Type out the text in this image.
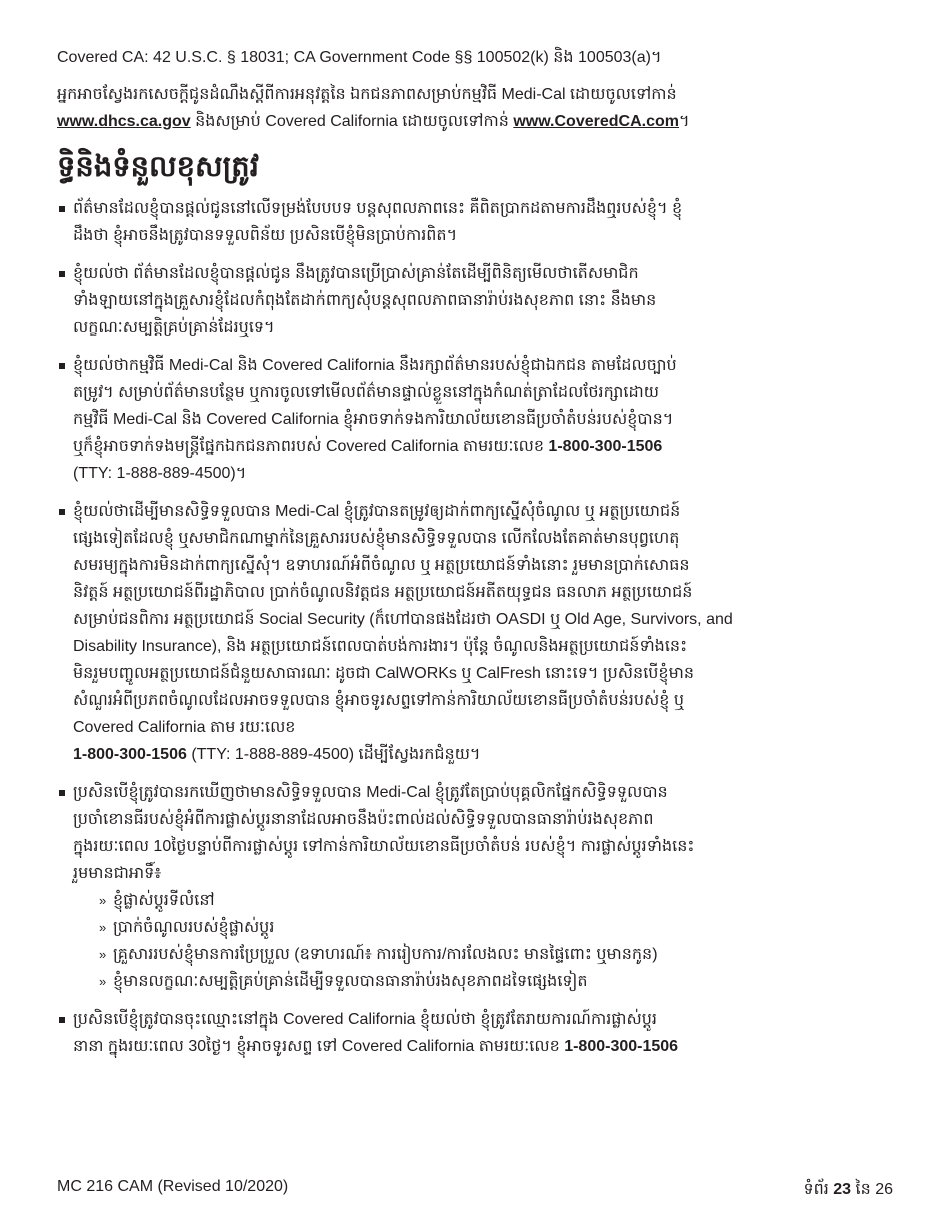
Covered CA: 42 U.S.C. § 18031; CA Government Code §§ 100502(k) និង 100503(a)។
អ្នកអាចស្វែងរកសេចក្តីជូនដំណឹងស្តីពីការអនុវត្តនៃ ឯកជនភាពសម្រាប់កម្មវិធី Medi-Cal ដោយចូលទៅកាន់
www.dhcs.ca.gov និងសម្រាប់ Covered California ដោយចូលទៅកាន់ www.CoveredCA.com។
ទិ្ធនិងទំនួលខុសត្រូវ
ព័ត៌មានដែលខ្ញុំបានផ្តល់ជូននៅលើទម្រង់បែបបទ បន្តសុពលភាពនេះ គឺពិតប្រាកដតាមការដឹងឮរបស់ខ្ញុំ។ ខ្ញុំ
ដឹងថា ខ្ញុំអាចនឹងត្រូវបានទទួលពិន័យ ប្រសិនបើខ្ញុំមិនប្រាប់ការពិត។
ខ្ញុំយល់ថា ព័ត៌មានដែលខ្ញុំបានផ្តល់ជូន នឹងត្រូវបានប្រើប្រាស់គ្រាន់តែដើម្បីពិនិត្យមើលថាតើសមាជិក
ទាំងឡាយនៅក្នុងគ្រួសារខ្ញុំដែលកំពុងតែដាក់ពាក្យសុំបន្តសុពលភាពធានារ៉ាប់រងសុខភាព នោះ នឹងមាន
លក្ខណៈសម្បត្តិគ្រប់គ្រាន់ដែរឬទេ។
ខ្ញុំយល់ថាកម្មវិធី Medi-Cal និង Covered California នឹងរក្សាព័ត៌មានរបស់ខ្ញុំជាឯកជន តាមដែលច្បាប់
តម្រូវ។ សម្រាប់ព័ត៌មានបន្ថែម ឬការចូលទៅមើលព័ត៌មានផ្ទាល់ខ្លួននៅក្នុងកំណត់ត្រាដែលថែរក្សាដោយ
កម្មវិធី Medi-Cal និង Covered California ខ្ញុំអាចទាក់ទងការិយាល័យខោនធីប្រចាំតំបន់របស់ខ្ញុំបាន។
ឬក៏ខ្ញុំអាចទាក់ទងមន្ត្រីផ្នែកឯកជនភាពរបស់ Covered California តាមរយៈលេខ 1-800-300-1506
(TTY: 1-888-889-4500)។
ខ្ញុំយល់ថាដើម្បីមានសិទ្ធិទទួលបាន Medi-Cal ខ្ញុំត្រូវបានតម្រូវឲ្យដាក់ពាក្យស្នើសុំចំណូល ឬ អត្ថប្រយោជន៍
ផ្សេងទៀតដែលខ្ញុំ ឬសមាជិកណាម្នាក់នៃគ្រួសាររបស់ខ្ញុំមានសិទ្ធិទទួលបាន លើកលែងតែគាត់មានបុព្វហេតុ
សមរម្យក្នុងការមិនដាក់ពាក្យស្នើសុំ។ ឧទាហរណ៍អំពីចំណូល ឬ អត្ថប្រយោជន៍ទាំងនោះ រួមមានប្រាក់សោធន
និវត្តន៍ អត្ថប្រយោជន៍ពីរដ្ឋាភិបាល ប្រាក់ចំណូលនិវត្តជន អត្ថប្រយោជន៍អតីតយុទ្ធជន ធនលាភ អត្ថប្រយោជន៍
សម្រាប់ជនពិការ អត្ថប្រយោជន៍ Social Security (ក៏ហៅបានផងដែរថា OASDI ឬ Old Age, Survivors, and
Disability Insurance), និង អត្ថប្រយោជន៍ពេលបាត់បង់ការងារ។ ប៉ុន្តែ ចំណូលនិងអត្ថប្រយោជន៍ទាំងនេះ
មិនរួមបញ្ចូលអត្ថប្រយោជន៍ជំនួយសាធារណៈ ដូចជា CalWORKs ឬ CalFresh នោះទេ។ ប្រសិនបើខ្ញុំមាន
សំណួរអំពីប្រភពចំណូលដែលអាចទទួលបាន ខ្ញុំអាចទូរសព្ទទៅកាន់ការិយាល័យខោនធីប្រចាំតំបន់របស់ខ្ញុំ ឬ
Covered California តាម រយៈលេខ
1-800-300-1506 (TTY: 1-888-889-4500) ដើម្បីស្វែងរកជំនួយ។
ប្រសិនបើខ្ញុំត្រូវបានរកឃើញថាមានសិទ្ធិទទួលបាន Medi-Cal ខ្ញុំត្រូវតែប្រាប់បុគ្គលិកផ្នែកសិទ្ធិទទួលបាន
ប្រចាំខោនធីរបស់ខ្ញុំអំពីការផ្លាស់ប្តូរនានាដែលអាចនឹងប៉ះពាល់ដល់សិទ្ធិទទួលបានធានារ៉ាប់រងសុខភាព
ក្នុងរយៈពេល 10ថ្ងៃបន្ទាប់ពីការផ្លាស់ប្តូរ ទៅកាន់ការិយាល័យខោនធីប្រចាំតំបន់ របស់ខ្ញុំ។ ការផ្លាស់ប្តូរទាំងនេះ
រួមមានជាអាទិ៍៖
» ខ្ញុំផ្លាស់ប្តូរទីលំនៅ
» ប្រាក់ចំណូលរបស់ខ្ញុំផ្លាស់ប្តូរ
» គ្រួសាររបស់ខ្ញុំមានការប្រែប្រួល (ឧទាហរណ៍៖ ការរៀបការ/ការលែងលះ មានផ្ទៃពោះ ឬមានកូន)
» ខ្ញុំមានលក្ខណៈសម្បត្តិគ្រប់គ្រាន់ដើម្បីទទួលបានធានារ៉ាប់រងសុខភាពដទៃផ្សេងទៀត
ប្រសិនបើខ្ញុំត្រូវបានចុះឈ្មោះនៅក្នុង Covered California ខ្ញុំយល់ថា ខ្ញុំត្រូវតែរាយការណ៍ការផ្លាស់ប្តូរ
នានា ក្នុងរយៈពេល 30ថ្ងៃ។ ខ្ញុំអាចទូរសព្ទ ទៅ Covered California តាមរយៈលេខ 1-800-300-1506
MC 216 CAM (Revised 10/2020)	ទំព័រ 23 នៃ 26
